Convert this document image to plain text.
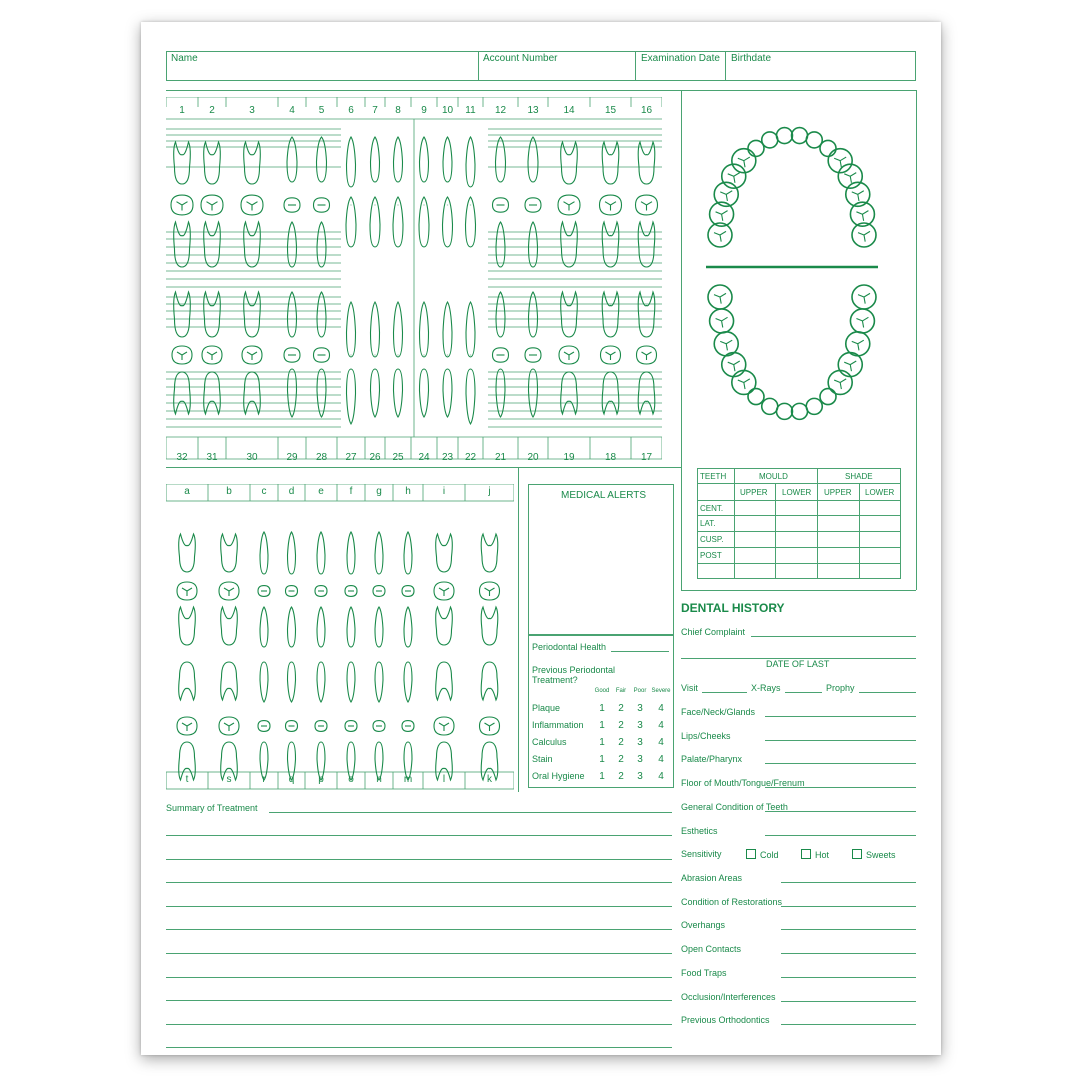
Name	Account Number	Examination Date Birthdate
1	2	3	4	5	6	7	8	9	10	11	12	13	14	15	16
32	31	30	29	28	27	26	25	24	23	22	21	20	19	18	17
TEETH	MOULD	SHADE
UPPER LOWER UPPER LOWER
CENT.
LAT.
CUSP.
POST
a	b	c	d	e	f	g	h	i	j
t	s	r	q	p	o	n	m	l	k
MEDICAL ALERTS
Periodontal Health
Previous Periodontal Treatment?
Good	Fair	Poor Severe
Plaque	1	2	3	4
Inflammation	1	2	3	4
Calculus	1	2	3	4
Stain	1	2	3	4
Oral Hygiene	1	2	3	4
Summary of Treatment
DENTAL HISTORY
Chief Complaint
DATE OF LAST
Visit	X-Rays	Prophy
Face/Neck/Glands
Lips/Cheeks
Palate/Pharynx
Floor of Mouth/Tongue/Frenum
General Condition of Teeth
Esthetics
Sensitivity	Cold	Hot	Sweets
Abrasion Areas
Condition of Restorations
Overhangs
Open Contacts
Food Traps
Occlusion/Interferences
Previous Orthodontics
